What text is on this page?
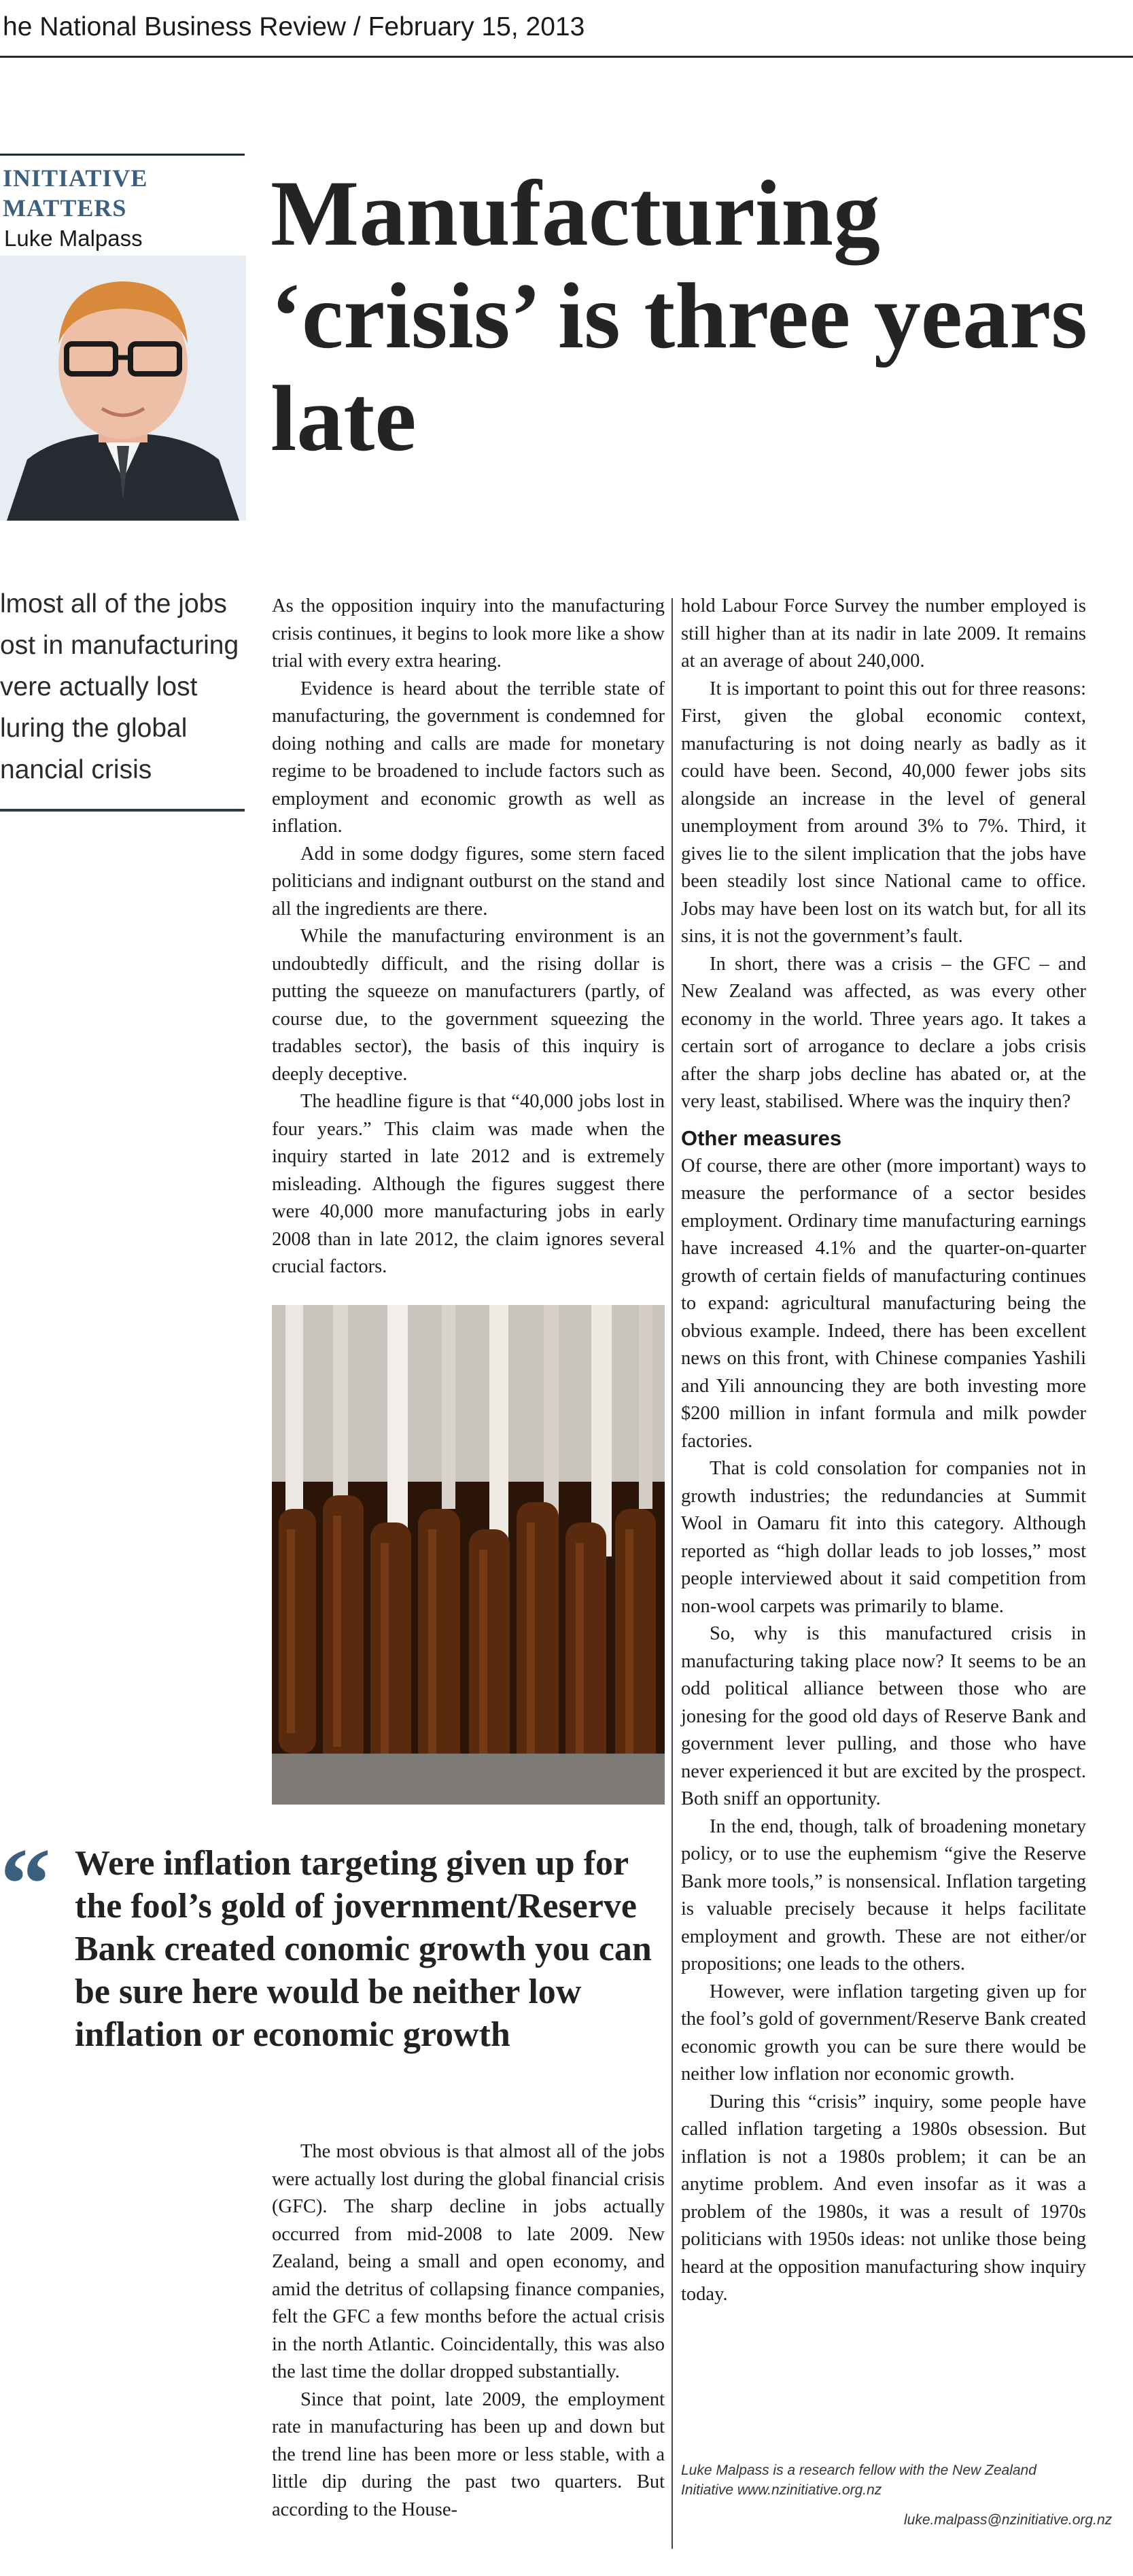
he National Business Review / February 15, 2013
INITIATIVE
MATTERS
Luke Malpass Manufacturing ‘crisis’ is three years late
lmost all of the jobs ost in manufacturing vere actually lost luring the global nancial crisis

As the opposition inquiry into the manufacturing crisis continues, it begins to look more like a show trial with every extra hearing.

Evidence is heard about the terrible state of manufacturing, the government is condemned for doing nothing and calls are made for monetary regime to be broadened to include factors such as employment and economic growth as well as inflation.

Add in some dodgy figures, some stern faced politicians and indignant outburst on the stand and all the ingredients are there.

While the manufacturing environment is an undoubtedly difficult, and the rising dollar is putting the squeeze on manufacturers (partly, of course due, to the government squeezing the tradables sector), the basis of this inquiry is deeply deceptive.

The headline figure is that “40,000 jobs lost in four years.” This claim was made when the inquiry started in late 2012 and is extremely misleading. Although the figures suggest there were 40,000 more manufacturing jobs in early 2008 than in late 2012, the claim ignores several crucial factors.

“ Were inflation targeting given up for the fool’s gold of jovernment/Reserve Bank created conomic growth you can be sure here would be neither low inflation or economic growth

The most obvious is that almost all of the jobs were actually lost during the global financial crisis (GFC). The sharp decline in jobs actually occurred from mid-2008 to late 2009. New Zealand, being a small and open economy, and amid the detritus of collapsing finance companies, felt the GFC a few months before the actual crisis in the north Atlantic. Coincidentally, this was also the last time the dollar dropped substantially.

Since that point, late 2009, the employment rate in manufacturing has been up and down but the trend line has been more or less stable, with a little dip during the past two quarters. But according to the House-

hold Labour Force Survey the number employed is still higher than at its nadir in late 2009. It remains at an average of about 240,000.

It is important to point this out for three reasons: First, given the global economic context, manufacturing is not doing nearly as badly as it could have been. Second, 40,000 fewer jobs sits alongside an increase in the level of general unemployment from around 3% to 7%. Third, it gives lie to the silent implication that the jobs have been steadily lost since National came to office. Jobs may have been lost on its watch but, for all its sins, it is not the government’s fault.

In short, there was a crisis – the GFC – and New Zealand was affected, as was every other economy in the world. Three years ago. It takes a certain sort of arrogance to declare a jobs crisis after the sharp jobs decline has abated or, at the very least, stabilised. Where was the inquiry then?

Other measures

Of course, there are other (more important) ways to measure the performance of a sector besides employment. Ordinary time manufacturing earnings have increased 4.1% and the quarter-on-quarter growth of certain fields of manufacturing continues to expand: agricultural manufacturing being the obvious example. Indeed, there has been excellent news on this front, with Chinese companies Yashili and Yili announcing they are both investing more $200 million in infant formula and milk powder factories.

That is cold consolation for companies not in growth industries; the redundancies at Summit Wool in Oamaru fit into this category. Although reported as “high dollar leads to job losses,” most people interviewed about it said competition from non-wool carpets was primarily to blame.

So, why is this manufactured crisis in manufacturing taking place now? It seems to be an odd political alliance between those who are jonesing for the good old days of Reserve Bank and government lever pulling, and those who have never experienced it but are excited by the prospect. Both sniff an opportunity.

In the end, though, talk of broadening monetary policy, or to use the euphemism “give the Reserve Bank more tools,” is nonsensical. Inflation targeting is valuable precisely because it helps facilitate employment and growth. These are not either/or propositions; one leads to the others.

However, were inflation targeting given up for the fool’s gold of government/Reserve Bank created economic growth you can be sure there would be neither low inflation nor economic growth.

During this “crisis” inquiry, some people have called inflation targeting a 1980s obsession. But inflation is not a 1980s problem; it can be an anytime problem. And even insofar as it was a problem of the 1980s, it was a result of 1970s politicians with 1950s ideas: not unlike those being heard at the opposition manufacturing show inquiry today.

Luke Malpass is a research fellow with the New Zealand Initiative www.nzinitiative.org.nz
luke.malpass@nzinitiative.org.nz
